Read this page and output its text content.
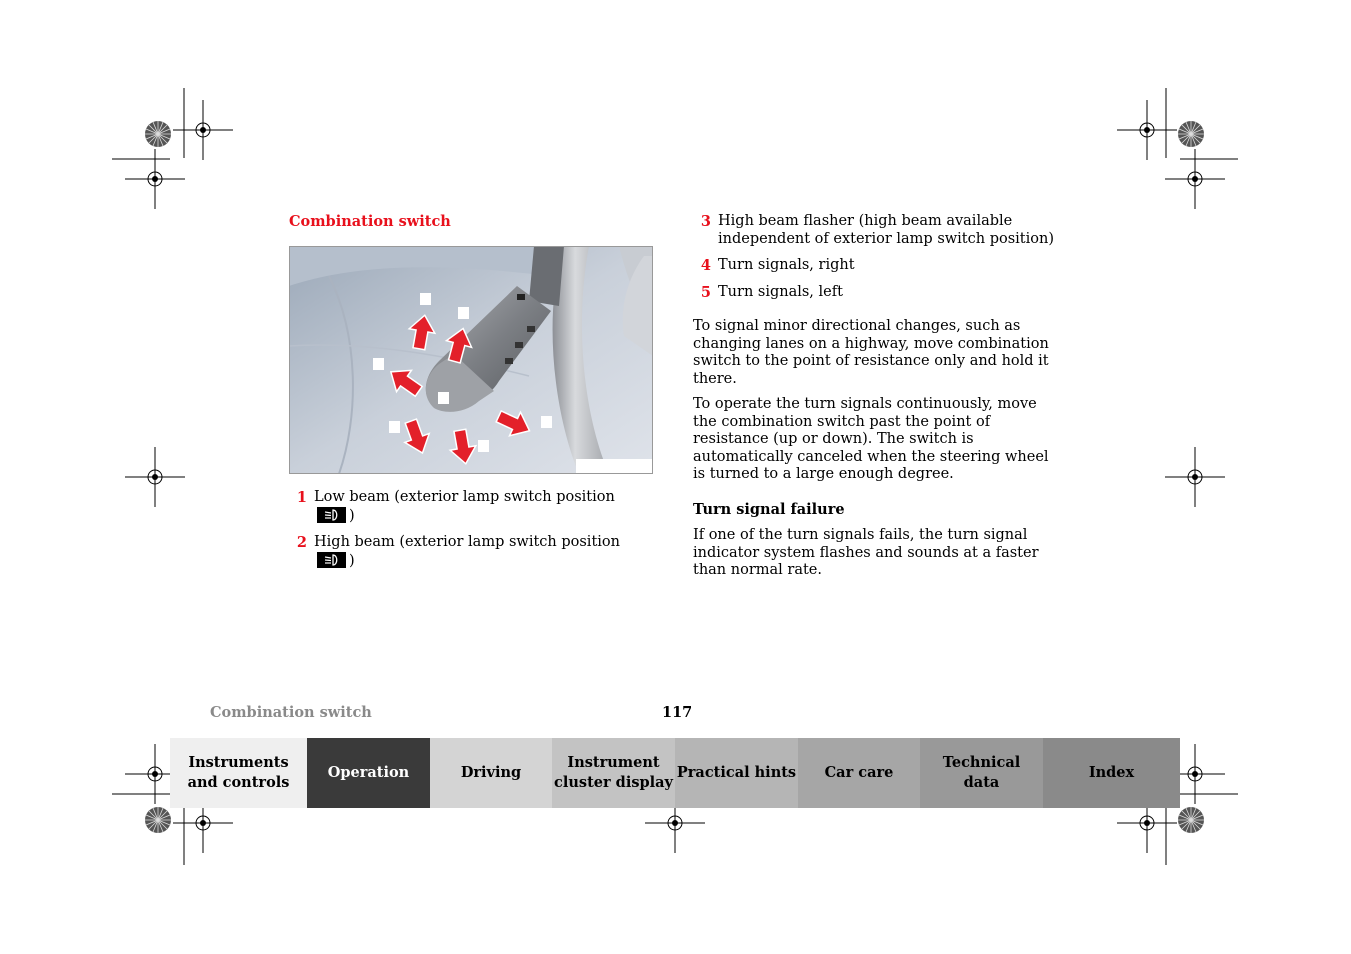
Combination switch
1 Low beam (exterior lamp switch position
)
2 High beam (exterior lamp switch position
)
3 High beam flasher (high beam available independent of exterior lamp switch position)
4 Turn signals, right
5 Turn signals, left

To signal minor directional changes, such as changing lanes on a highway, move combination switch to the point of resistance only and hold it there.

To operate the turn signals continuously, move the combination switch past the point of resistance (up or down). The switch is automatically canceled when the steering wheel is turned to a large enough degree.

Turn signal failure

If one of the turn signals fails, the turn signal indicator system flashes and sounds at a faster than normal rate.

Combination switch	117
Instruments
and controls
Operation	Driving
Instrument
cluster display
Practical hints Car care
Technical
data
Index
